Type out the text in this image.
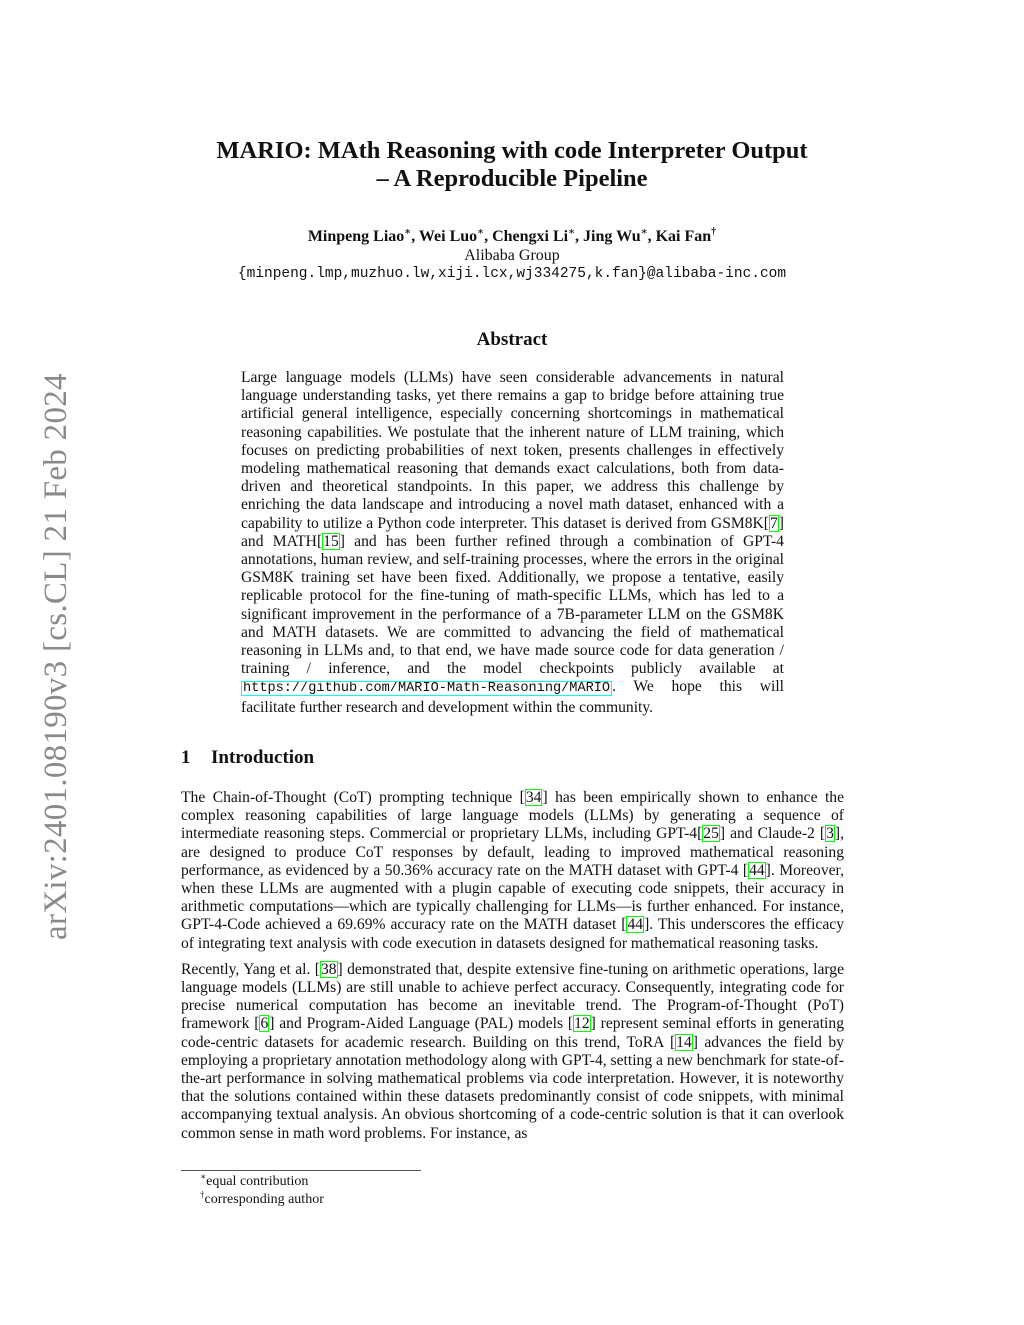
arXiv:2401.08190v3 [cs.CL] 21 Feb 2024
MARIO: MAth Reasoning with code Interpreter Output
– A Reproducible Pipeline
Minpeng Liao∗, Wei Luo∗, Chengxi Li∗, Jing Wu∗, Kai Fan†
Alibaba Group
{minpeng.lmp,muzhuo.lw,xiji.lcx,wj334275,k.fan}@alibaba-inc.com
Abstract
Large language models (LLMs) have seen considerable advancements in natural language understanding tasks, yet there remains a gap to bridge before attaining true artificial general intelligence, especially concerning shortcomings in mathematical reasoning capabilities. We postulate that the inherent nature of LLM training, which focuses on predicting probabilities of next token, presents challenges in effectively modeling mathematical reasoning that demands exact calculations, both from data-driven and theoretical standpoints. In this paper, we address this challenge by enriching the data landscape and introducing a novel math dataset, enhanced with a capability to utilize a Python code interpreter. This dataset is derived from GSM8K[7] and MATH[15] and has been further refined through a combination of GPT-4 annotations, human review, and self-training processes, where the errors in the original GSM8K training set have been fixed. Additionally, we propose a tentative, easily replicable protocol for the fine-tuning of math-specific LLMs, which has led to a significant improvement in the performance of a 7B-parameter LLM on the GSM8K and MATH datasets. We are committed to advancing the field of mathematical reasoning in LLMs and, to that end, we have made source code for data generation / training / inference, and the model checkpoints publicly available at https://github.com/MARIO-Math-Reasoning/MARIO . We hope this will facilitate further research and development within the community.
1 Introduction

The Chain-of-Thought (CoT) prompting technique [34] has been empirically shown to enhance the complex reasoning capabilities of large language models (LLMs) by generating a sequence of intermediate reasoning steps. Commercial or proprietary LLMs, including GPT-4[25] and Claude-2 [3], are designed to produce CoT responses by default, leading to improved mathematical reasoning performance, as evidenced by a 50.36% accuracy rate on the MATH dataset with GPT-4 [44]. Moreover, when these LLMs are augmented with a plugin capable of executing code snippets, their accuracy in arithmetic computations—which are typically challenging for LLMs—is further enhanced. For instance, GPT-4-Code achieved a 69.69% accuracy rate on the MATH dataset [44]. This underscores the efficacy of integrating text analysis with code execution in datasets designed for mathematical reasoning tasks.

Recently, Yang et al. [38] demonstrated that, despite extensive fine-tuning on arithmetic operations, large language models (LLMs) are still unable to achieve perfect accuracy. Consequently, integrating code for precise numerical computation has become an inevitable trend. The Program-of-Thought (PoT) framework [6] and Program-Aided Language (PAL) models [12] represent seminal efforts in generating code-centric datasets for academic research. Building on this trend, ToRA [14] advances the field by employing a proprietary annotation methodology along with GPT-4, setting a new benchmark for state-of-the-art performance in solving mathematical problems via code interpretation. However, it is noteworthy that the solutions contained within these datasets predominantly consist of code snippets, with minimal accompanying textual analysis. An obvious shortcoming of a code-centric solution is that it can overlook common sense in math word problems. For instance, as

∗equal contribution
†corresponding author
